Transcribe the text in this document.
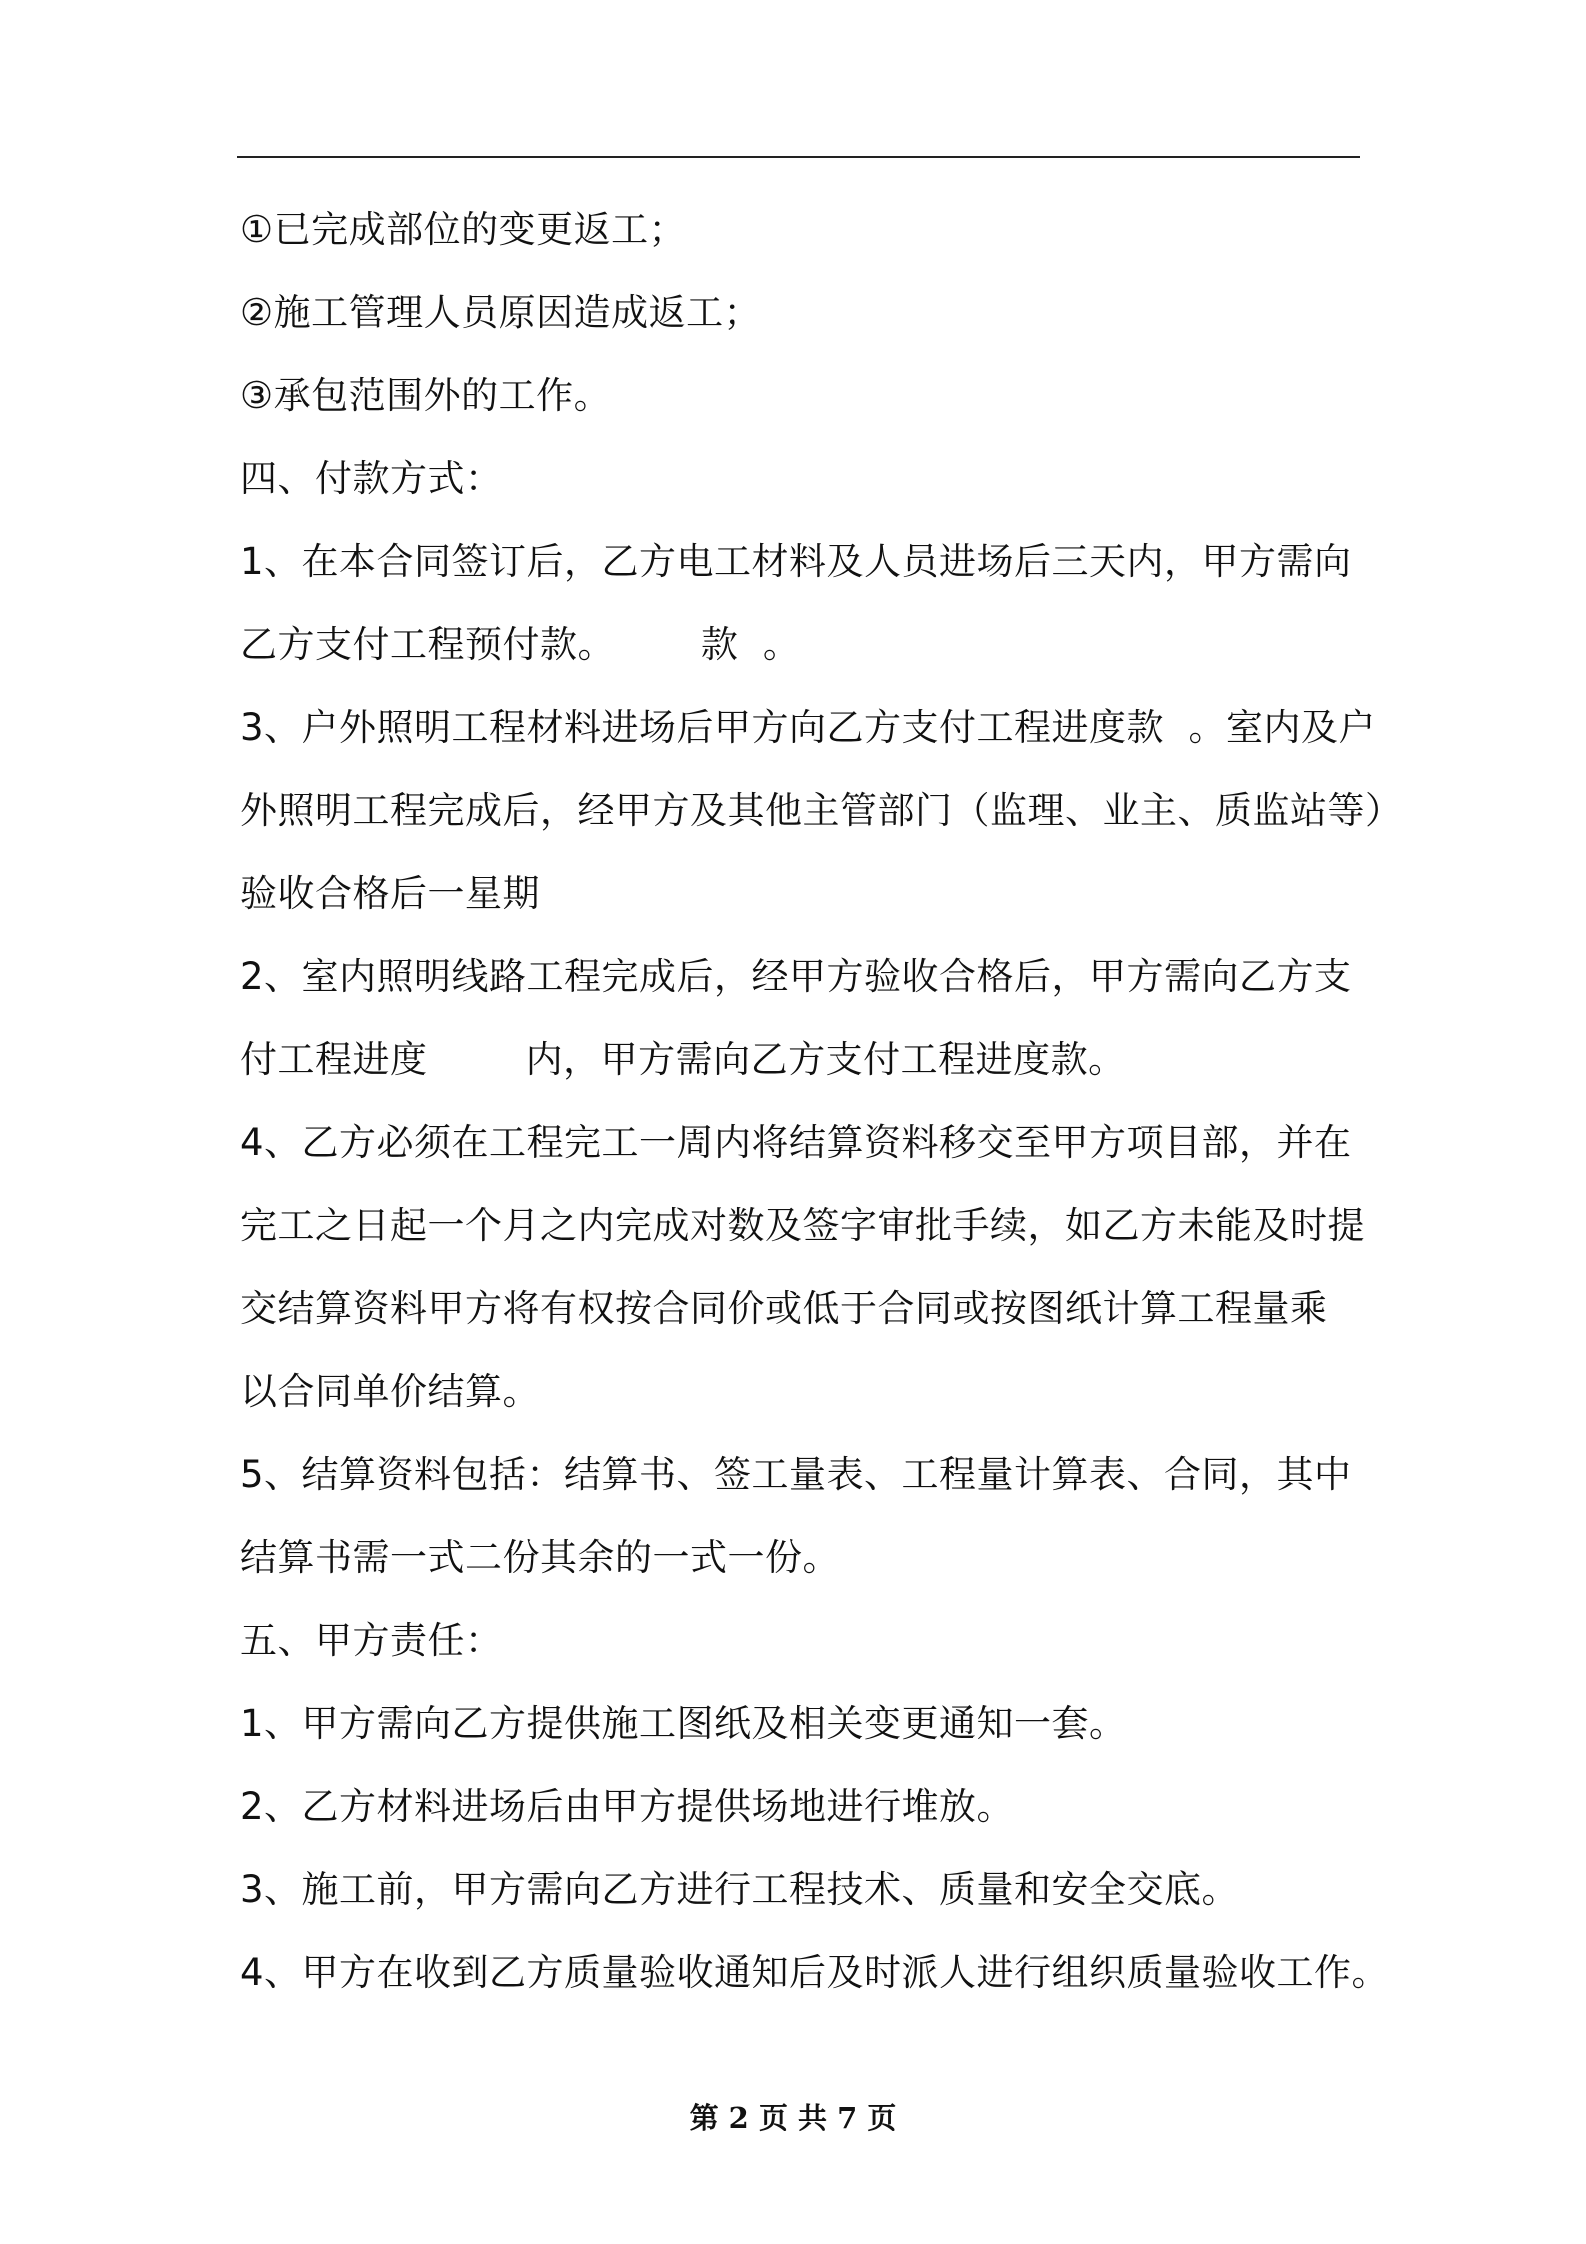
①已完成部位的变更返工；
②施工管理人员原因造成返工；
③承包范围外的工作。
四、付款方式：
1、在本合同签订后，乙方电工材料及人员进场后三天内，甲方需向
乙方支付工程预付款。       款  。
3、户外照明工程材料进场后甲方向乙方支付工程进度款  。室内及户
外照明工程完成后，经甲方及其他主管部门（监理、业主、质监站等）
验收合格后一星期
2、室内照明线路工程完成后，经甲方验收合格后，甲方需向乙方支
付工程进度        内，甲方需向乙方支付工程进度款。
4、乙方必须在工程完工一周内将结算资料移交至甲方项目部，并在
完工之日起一个月之内完成对数及签字审批手续，如乙方未能及时提
交结算资料甲方将有权按合同价或低于合同或按图纸计算工程量乘
以合同单价结算。
5、结算资料包括：结算书、签工量表、工程量计算表、合同，其中
结算书需一式二份其余的一式一份。
五、甲方责任：
1、甲方需向乙方提供施工图纸及相关变更通知一套。
2、乙方材料进场后由甲方提供场地进行堆放。
3、施工前，甲方需向乙方进行工程技术、质量和安全交底。
4、甲方在收到乙方质量验收通知后及时派人进行组织质量验收工作。
第 2 页 共 7 页
